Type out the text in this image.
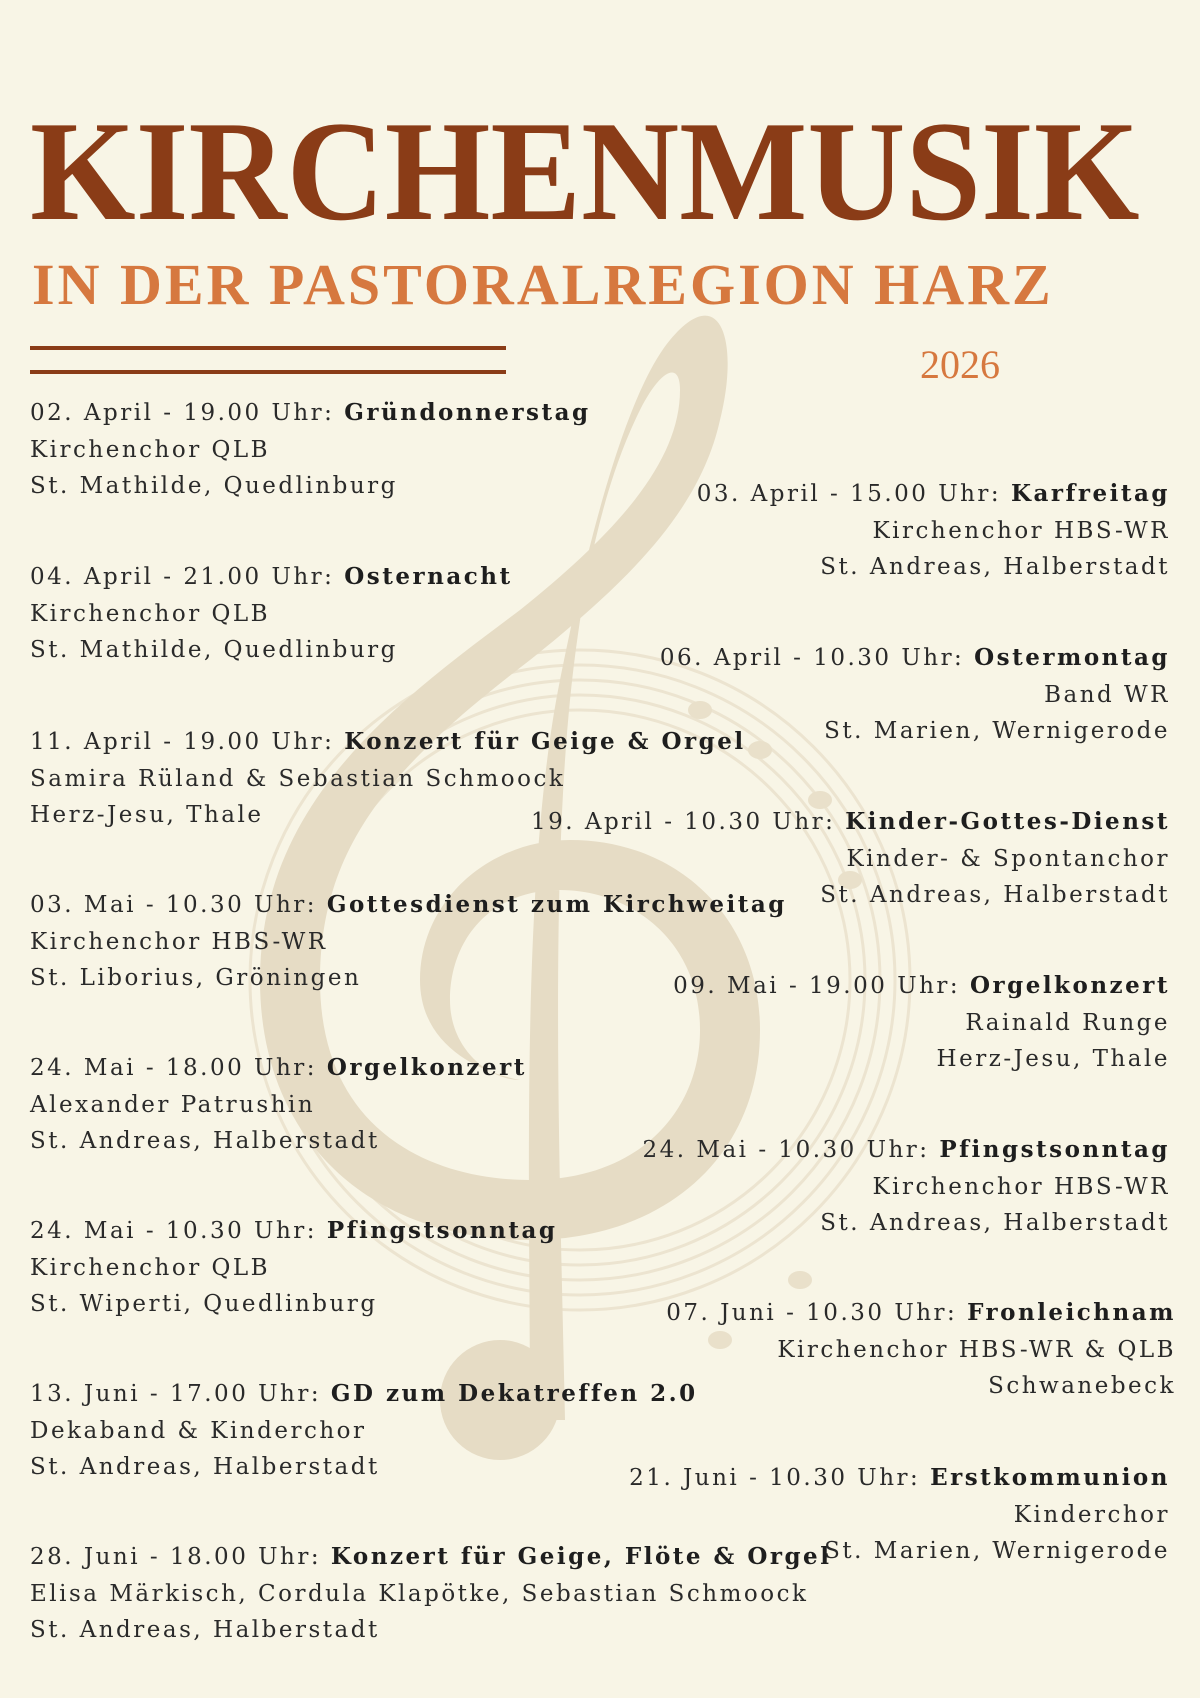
KIRCHENMUSIK
IN DER PASTORALREGION HARZ
2026
02. April - 19.00 Uhr: Gründonnerstag
Kirchenchor QLB
St. Mathilde, Quedlinburg
04. April - 21.00 Uhr: Osternacht
Kirchenchor QLB
St. Mathilde, Quedlinburg
11. April - 19.00 Uhr: Konzert für Geige & Orgel
Samira Rüland & Sebastian Schmoock
Herz-Jesu, Thale
03. Mai - 10.30 Uhr: Gottesdienst zum Kirchweitag
Kirchenchor HBS-WR
St. Liborius, Gröningen
24. Mai - 18.00 Uhr: Orgelkonzert
Alexander Patrushin
St. Andreas, Halberstadt
24. Mai - 10.30 Uhr: Pfingstsonntag
Kirchenchor QLB
St. Wiperti, Quedlinburg
13. Juni - 17.00 Uhr: GD zum Dekatreffen 2.0
Dekaband & Kinderchor
St. Andreas, Halberstadt
28. Juni - 18.00 Uhr: Konzert für Geige, Flöte & Orgel
Elisa Märkisch, Cordula Klapötke, Sebastian Schmoock
St. Andreas, Halberstadt
03. April - 15.00 Uhr: Karfreitag
Kirchenchor HBS-WR
St. Andreas, Halberstadt
06. April - 10.30 Uhr: Ostermontag
Band WR
St. Marien, Wernigerode
19. April - 10.30 Uhr: Kinder-Gottes-Dienst
Kinder- & Spontanchor
St. Andreas, Halberstadt
09. Mai - 19.00 Uhr: Orgelkonzert
Rainald Runge
Herz-Jesu, Thale
24. Mai - 10.30 Uhr: Pfingstsonntag
Kirchenchor HBS-WR
St. Andreas, Halberstadt
07. Juni - 10.30 Uhr: Fronleichnam
Kirchenchor HBS-WR & QLB
Schwanebeck
21. Juni - 10.30 Uhr: Erstkommunion
Kinderchor
St. Marien, Wernigerode
